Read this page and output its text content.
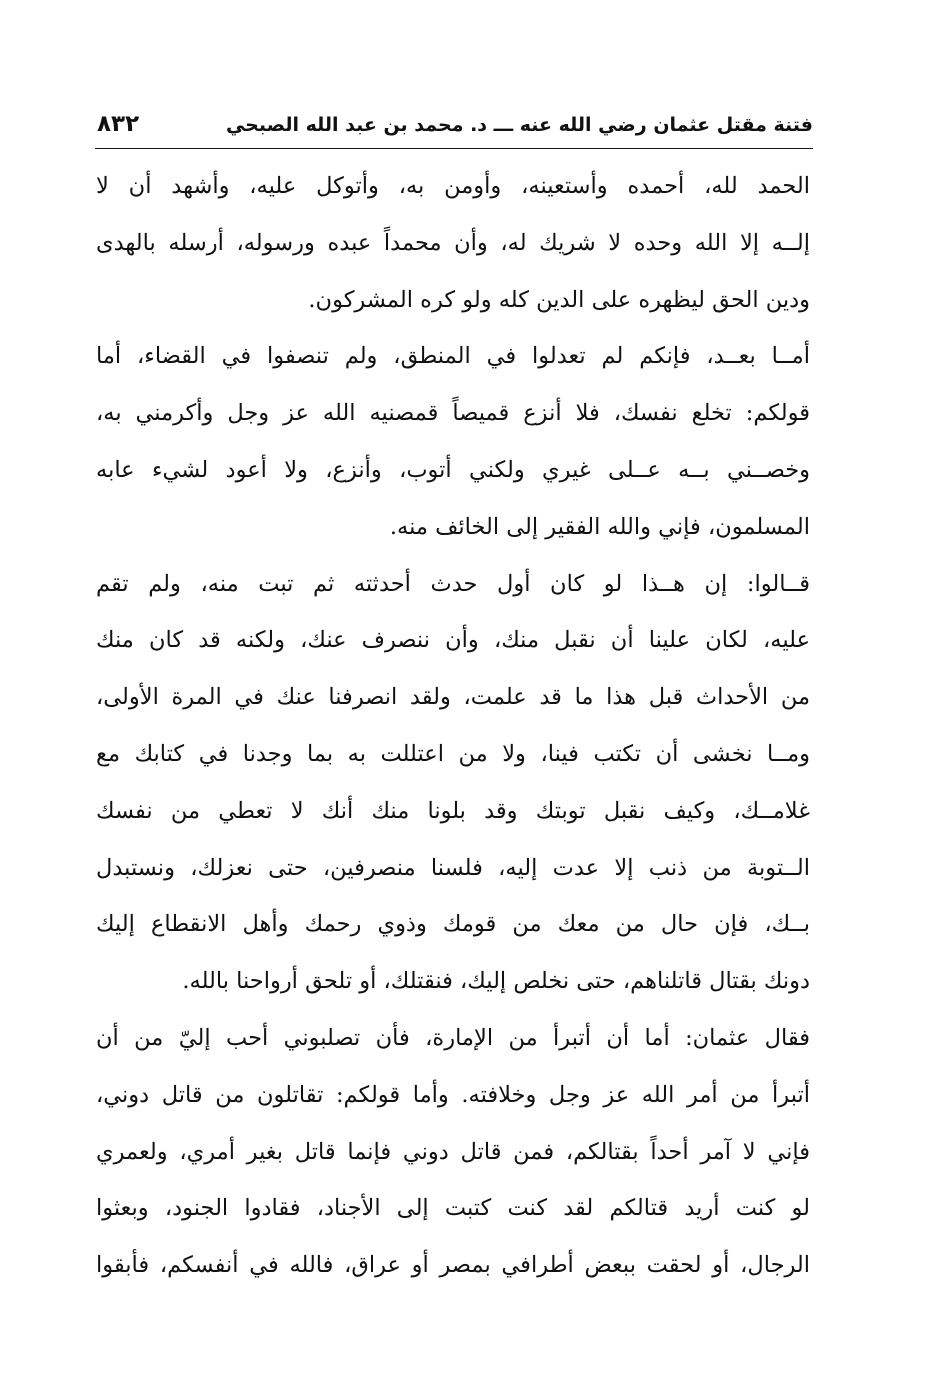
فتنة مقتل عثمان رضي الله عنه ـــ د. محمد بن عبد الله الصبحي
٨٣٢
الحمد لله، أحمده وأستعينه، وأومن به، وأتوكل عليه، وأشهد أن لا
إلــه إلا الله وحده لا شريك له، وأن محمداً عبده ورسوله، أرسله بالهدى
ودين الحق ليظهره على الدين كله ولو كره المشركون.
أمــا بعــد، فإنكم لم تعدلوا في المنطق، ولم تنصفوا في القضاء، أما
قولكم: تخلع نفسك، فلا أنزع قميصاً قمصنيه الله عز وجل وأكرمني به،
وخصــني بــه عــلى غيري ولكني أتوب، وأنزع، ولا أعود لشيء عابه
المسلمون، فإني والله الفقير إلى الخائف منه.
قــالوا: إن هــذا لو كان أول حدث أحدثته ثم تبت منه، ولم تقم
عليه، لكان علينا أن نقبل منك، وأن ننصرف عنك، ولكنه قد كان منك
من الأحداث قبل هذا ما قد علمت، ولقد انصرفنا عنك في المرة الأولى،
ومــا نخشى أن تكتب فينا، ولا من اعتللت به بما وجدنا في كتابك مع
غلامــك، وكيف نقبل توبتك وقد بلونا منك أنك لا تعطي من نفسك
الــتوبة من ذنب إلا عدت إليه، فلسنا منصرفين، حتى نعزلك، ونستبدل
بــك، فإن حال من معك من قومك وذوي رحمك وأهل الانقطاع إليك
دونك بقتال قاتلناهم، حتى نخلص إليك، فنقتلك، أو تلحق أرواحنا بالله.
فقال عثمان: أما أن أتبرأ من الإمارة، فأن تصلبوني أحب إليّ من أن
أتبرأ من أمر الله عز وجل وخلافته. وأما قولكم: تقاتلون من قاتل دوني،
فإني لا آمر أحداً بقتالكم، فمن قاتل دوني فإنما قاتل بغير أمري، ولعمري
لو كنت أريد قتالكم لقد كنت كتبت إلى الأجناد، فقادوا الجنود، وبعثوا
الرجال، أو لحقت ببعض أطرافي بمصر أو عراق، فالله في أنفسكم، فأبقوا
